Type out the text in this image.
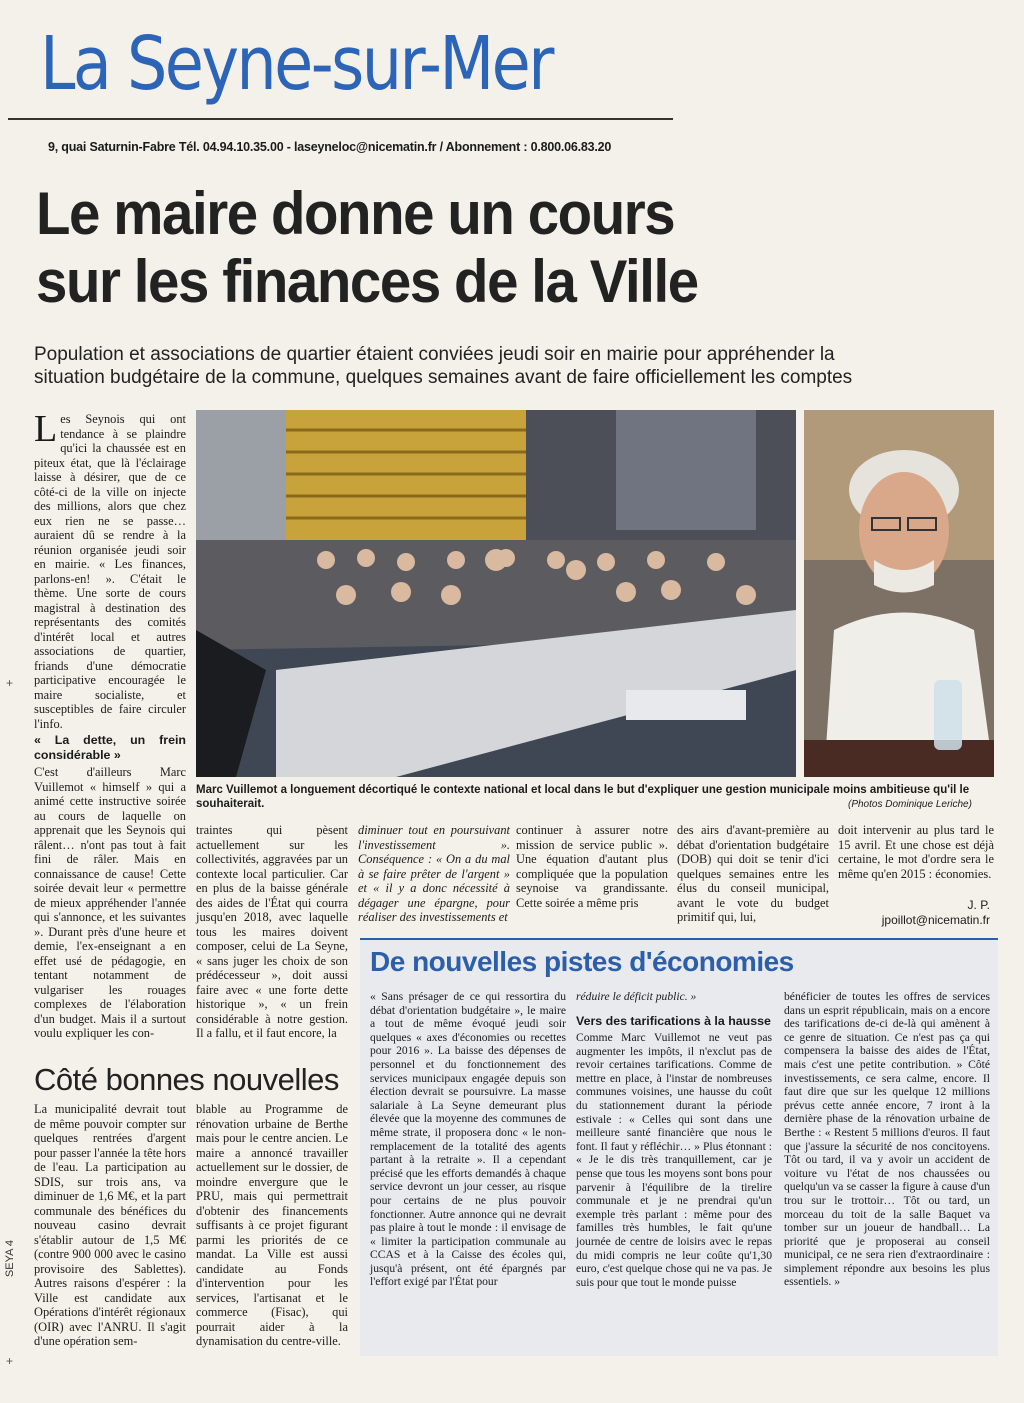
La Seyne-sur-Mer
9, quai Saturnin-Fabre Tél. 04.94.10.35.00 - laseyneloc@nicematin.fr / Abonnement : 0.800.06.83.20
Le maire donne un cours
sur les finances de la Ville
Population et associations de quartier étaient conviées jeudi soir en mairie pour appréhender la
situation budgétaire de la commune, quelques semaines avant de faire officiellement les comptes

Les Seynois qui ont tendance à se plaindre qu'ici la chaussée est en piteux état, que là l'éclairage laisse à désirer, que de ce côté-ci de la ville on injecte des millions, alors que chez eux rien ne se passe… auraient dû se rendre à la réunion organisée jeudi soir en mairie. « Les finances, parlons-en! ». C'était le thème. Une sorte de cours magistral à destination des représentants des comités d'intérêt local et autres associations de quartier, friands d'une démocratie participative encouragée le maire socialiste, et susceptibles de faire circuler l'info.

« La dette, un frein considérable »

C'est d'ailleurs Marc Vuillemot « himself » qui a animé cette instructive soirée au cours de laquelle on apprenait que les Seynois qui râlent… n'ont pas tout à fait fini de râler. Mais en connaissance de cause! Cette soirée devait leur « permettre de mieux appréhender l'année qui s'annonce, et les suivantes ». Durant près d'une heure et demie, l'ex-enseignant a en effet usé de pédagogie, en tentant notamment de vulgariser les rouages complexes de l'élaboration d'un budget. Mais il a surtout voulu expliquer les con-

Marc Vuillemot a longuement décortiqué le contexte national et local dans le but d'expliquer une gestion municipale moins ambitieuse qu'il le souhaiterait.	(Photos Dominique Leriche)

traintes qui pèsent actuellement sur les collectivités, aggravées par un contexte local particulier. Car en plus de la baisse générale des aides de l'État qui courra jusqu'en 2018, avec laquelle tous les maires doivent composer, celui de La Seyne, « sans juger les choix de son prédécesseur », doit aussi faire avec « une forte dette historique », « un frein considérable à notre gestion. Il a fallu, et il faut encore, la

diminuer tout en poursuivant l'investissement ». Conséquence : « On a du mal à se faire prêter de l'argent » et « il y a donc nécessité à dégager une épargne, pour réaliser des investissements et

continuer à assurer notre mission de service public ». Une équation d'autant plus compliquée que la population seynoise va grandissante. Cette soirée a même pris

des airs d'avant-première au débat d'orientation budgétaire (DOB) qui doit se tenir d'ici quelques semaines entre les élus du conseil municipal, avant le vote du budget primitif qui, lui,

doit intervenir au plus tard le 15 avril. Et une chose est déjà certaine, le mot d'ordre sera le même qu'en 2015 : économies.

J. P.
jpoillot@nicematin.fr
Côté bonnes nouvelles

La municipalité devrait tout de même pouvoir compter sur quelques rentrées d'argent pour passer l'année la tête hors de l'eau. La participation au SDIS, sur trois ans, va diminuer de 1,6 M€, et la part communale des bénéfices du nouveau casino devrait s'établir autour de 1,5 M€ (contre 900 000 avec le casino provisoire des Sablettes). Autres raisons d'espérer : la Ville est candidate aux Opérations d'intérêt régionaux (OIR) avec l'ANRU. Il s'agit d'une opération sem-

blable au Programme de rénovation urbaine de Berthe mais pour le centre ancien. Le maire a annoncé travailler actuellement sur le dossier, de moindre envergure que le PRU, mais qui permettrait d'obtenir des financements suffisants à ce projet figurant parmi les priorités de ce mandat. La Ville est aussi candidate au Fonds d'intervention pour les services, l'artisanat et le commerce (Fisac), qui pourrait aider à la dynamisation du centre-ville.

De nouvelles pistes d'économies

« Sans présager de ce qui ressortira du débat d'orientation budgétaire », le maire a tout de même évoqué jeudi soir quelques « axes d'économies ou recettes pour 2016 ». La baisse des dépenses de personnel et du fonctionnement des services municipaux engagée depuis son élection devrait se poursuivre. La masse salariale à La Seyne demeurant plus élevée que la moyenne des communes de même strate, il proposera donc « le non-remplacement de la totalité des agents partant à la retraite ». Il a cependant précisé que les efforts demandés à chaque service devront un jour cesser, au risque pour certains de ne plus pouvoir fonctionner. Autre annonce qui ne devrait pas plaire à tout le monde : il envisage de « limiter la participation communale au CCAS et à la Caisse des écoles qui, jusqu'à présent, ont été épargnés par l'effort exigé par l'État pour

réduire le déficit public. »

Vers des tarifications à la hausse

Comme Marc Vuillemot ne veut pas augmenter les impôts, il n'exclut pas de revoir certaines tarifications. Comme de mettre en place, à l'instar de nombreuses communes voisines, une hausse du coût du stationnement durant la période estivale : « Celles qui sont dans une meilleure santé financière que nous le font. Il faut y réfléchir… » Plus étonnant : « Je le dis très tranquillement, car je pense que tous les moyens sont bons pour parvenir à l'équilibre de la tirelire communale et je ne prendrai qu'un exemple très parlant : même pour des familles très humbles, le fait qu'une journée de centre de loisirs avec le repas du midi compris ne leur coûte qu'1,30 euro, c'est quelque chose qui ne va pas. Je suis pour que tout le monde puisse

bénéficier de toutes les offres de services dans un esprit républicain, mais on a encore des tarifications de-ci de-là qui amènent à ce genre de situation. Ce n'est pas ça qui compensera la baisse des aides de l'État, mais c'est une petite contribution. » Côté investissements, ce sera calme, encore. Il faut dire que sur les quelque 12 millions prévus cette année encore, 7 iront à la dernière phase de la rénovation urbaine de Berthe : « Restent 5 millions d'euros. Il faut que j'assure la sécurité de nos concitoyens. Tôt ou tard, il va y avoir un accident de voiture vu l'état de nos chaussées ou quelqu'un va se casser la figure à cause d'un trou sur le trottoir… Tôt ou tard, un morceau du toit de la salle Baquet va tomber sur un joueur de handball… La priorité que je proposerai au conseil municipal, ce ne sera rien d'extraordinaire : simplement répondre aux besoins les plus essentiels. »

SEYA 4
+
+
